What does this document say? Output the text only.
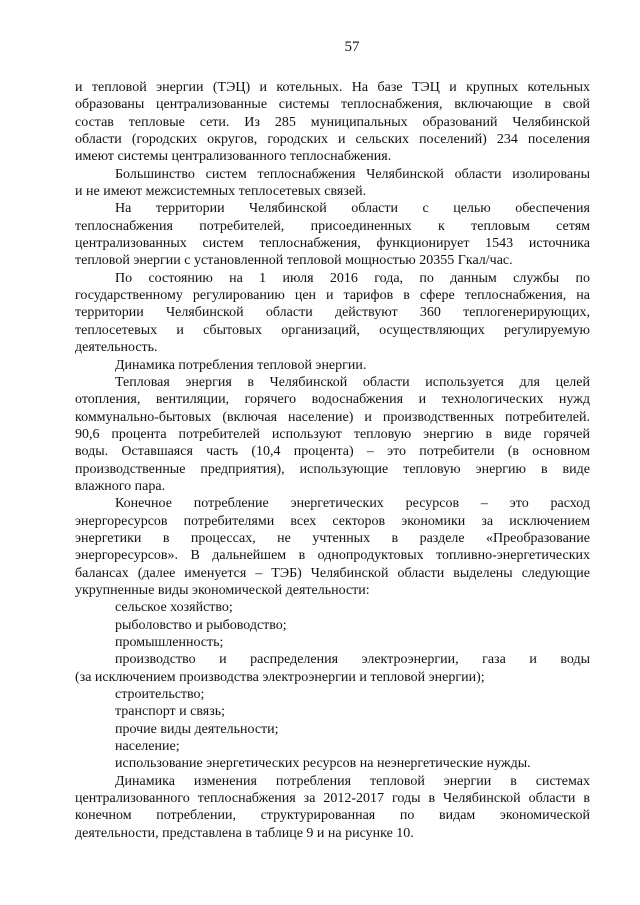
57
и тепловой энергии (ТЭЦ) и котельных. На базе ТЭЦ и крупных котельных
образованы централизованные системы теплоснабжения, включающие в свой
состав тепловые сети. Из 285 муниципальных образований Челябинской
области (городских округов, городских и сельских поселений) 234 поселения
имеют системы централизованного теплоснабжения.
Большинство систем теплоснабжения Челябинской области изолированы
и не имеют межсистемных теплосетевых связей.
На территории Челябинской области с целью обеспечения
теплоснабжения потребителей, присоединенных к тепловым сетям
централизованных систем теплоснабжения, функционирует 1543 источника
тепловой энергии с установленной тепловой мощностью 20355 Гкал/час.
По состоянию на 1 июля 2016 года, по данным службы по
государственному регулированию цен и тарифов в сфере теплоснабжения, на
территории Челябинской области действуют 360 теплогенерирующих,
теплосетевых и сбытовых организаций, осуществляющих регулируемую
деятельность.
Динамика потребления тепловой энергии.
Тепловая энергия в Челябинской области используется для целей
отопления, вентиляции, горячего водоснабжения и технологических нужд
коммунально-бытовых (включая население) и производственных потребителей.
90,6 процента потребителей используют тепловую энергию в виде горячей
воды. Оставшаяся часть (10,4 процента) – это потребители (в основном
производственные предприятия), использующие тепловую энергию в виде
влажного пара.
Конечное потребление энергетических ресурсов – это расход
энергоресурсов потребителями всех секторов экономики за исключением
энергетики в процессах, не учтенных в разделе «Преобразование
энергоресурсов». В дальнейшем в однопродуктовых топливно-энергетических
балансах (далее именуется – ТЭБ) Челябинской области выделены следующие
укрупненные виды экономической деятельности:
сельское хозяйство;
рыболовство и рыбоводство;
промышленность;
производство и распределения электроэнергии, газа и воды
(за исключением производства электроэнергии и тепловой энергии);
строительство;
транспорт и связь;
прочие виды деятельности;
население;
использование энергетических ресурсов на неэнергетические нужды.
Динамика изменения потребления тепловой энергии в системах
централизованного теплоснабжения за 2012-2017 годы в Челябинской области в
конечном потреблении, структурированная по видам экономической
деятельности, представлена в таблице 9 и на рисунке 10.
